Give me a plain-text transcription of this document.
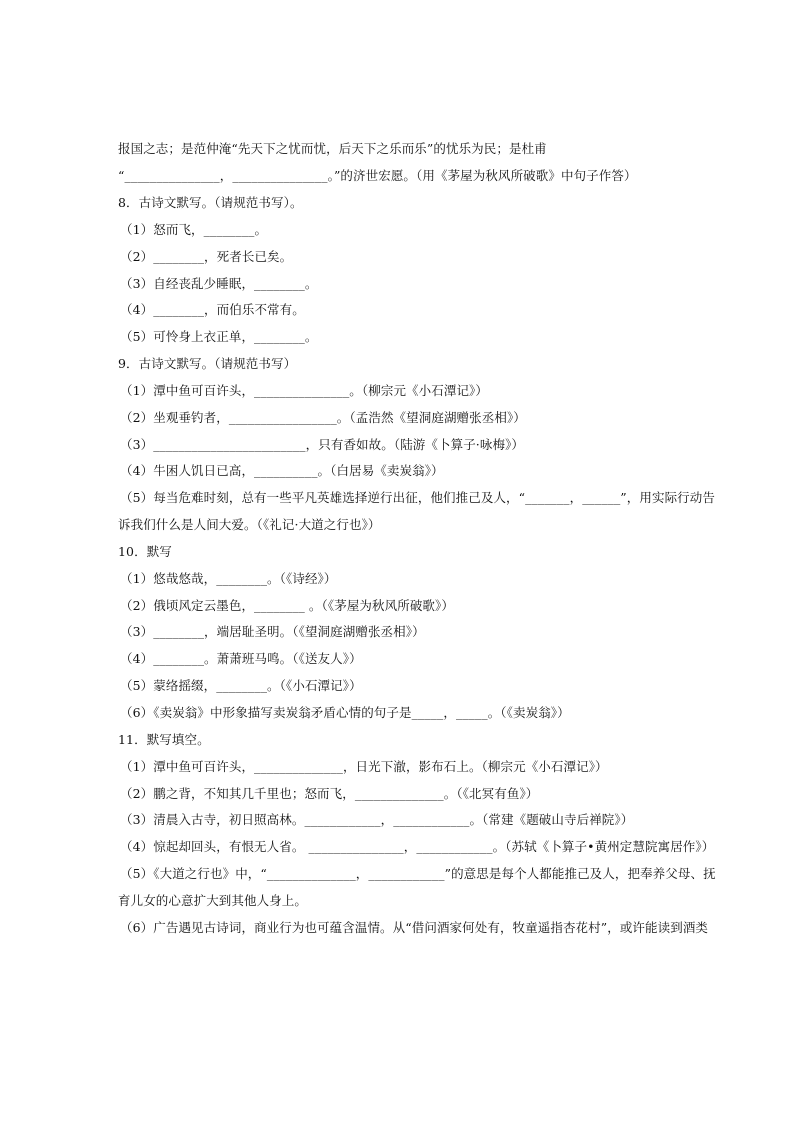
报国之志；是范仲淹“先天下之忧而忧，后天下之乐而乐”的忧乐为民；是杜甫
“_______________，_______________。”的济世宏愿。（用《茅屋为秋风所破歌》中句子作答）
8．古诗文默写。（请规范书写）。
（1）怒而飞，________。
（2）________，死者长已矣。
（3）自经丧乱少睡眠，________。
（4）________，而伯乐不常有。
（5）可怜身上衣正单，________。
9．古诗文默写。（请规范书写）
（1）潭中鱼可百许头，_______________。（柳宗元《小石潭记》）
（2）坐观垂钓者，_________________。（孟浩然《望洞庭湖赠张丞相》）
（3）________________________，只有香如故。（陆游《卜算子·咏梅》）
（4）牛困人饥日已高，__________。（白居易《卖炭翁》）
（5）每当危难时刻，总有一些平凡英雄选择逆行出征，他们推己及人，“_______，______”，用实际行动告
诉我们什么是人间大爱。（《礼记·大道之行也》）
10．默写
（1）悠哉悠哉，________。（《诗经》）
（2）俄顷风定云墨色，________ 。（《茅屋为秋风所破歌》）
（3）________，端居耻圣明。（《望洞庭湖赠张丞相》）
（4）________。萧萧班马鸣。（《送友人》）
（5）蒙络摇缀，________。（《小石潭记》）
（6）《卖炭翁》中形象描写卖炭翁矛盾心情的句子是_____，_____。（《卖炭翁》）
11．默写填空。
（1）潭中鱼可百许头，______________，日光下澈，影布石上。（柳宗元《小石潭记》）
（2）鹏之背，不知其几千里也；怒而飞，______________。（《北冥有鱼》）
（3）清晨入古寺，初日照高林。____________，____________。（常建《题破山寺后禅院》）
（4）惊起却回头，有恨无人省。 _______________，____________。（苏轼《卜算子•黄州定慧院寓居作》）
（5）《大道之行也》中，“______________，____________”的意思是每个人都能推己及人，把奉养父母、抚
育儿女的心意扩大到其他人身上。
（6）广告遇见古诗词，商业行为也可蕴含温情。从“借问酒家何处有，牧童遥指杏花村”，或许能读到酒类
